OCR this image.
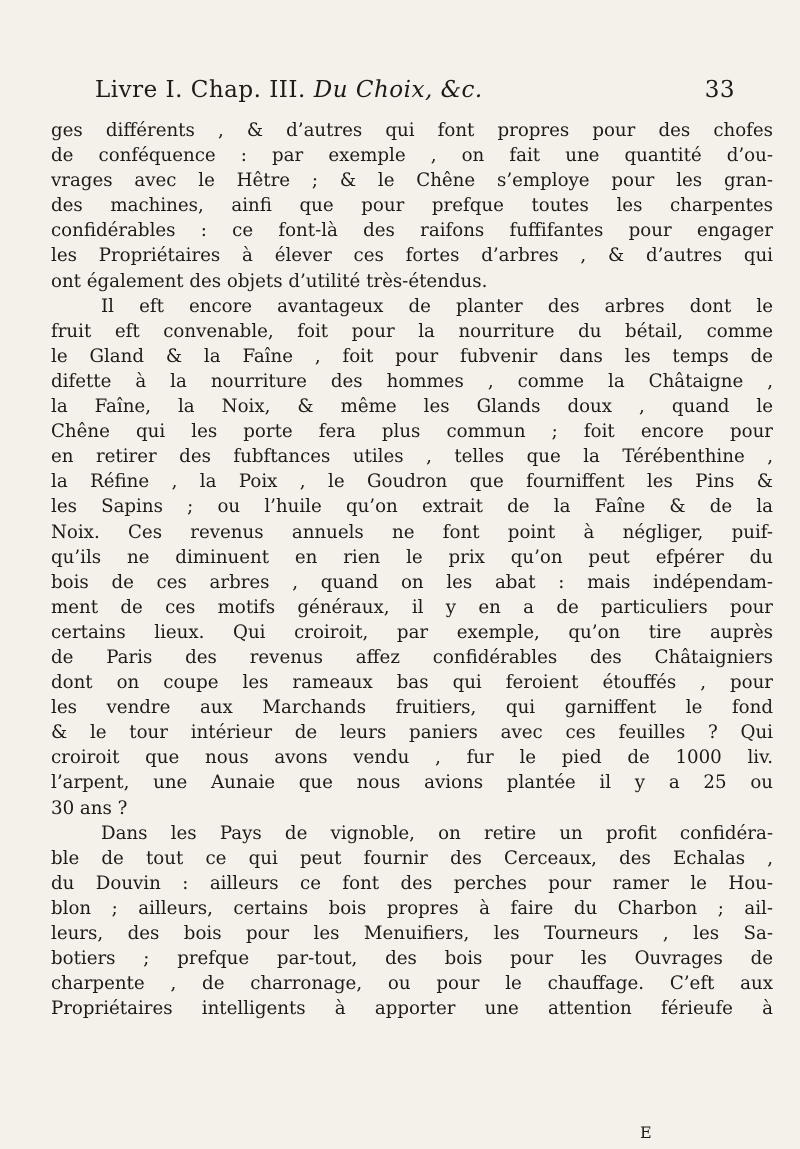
Livre I. Chap. III. Du Choix, &c.	33
ges différents , & d’autres qui font propres pour des chofes
de conféquence : par exemple , on fait une quantité d’ou-
vrages avec le Hêtre ; & le Chêne s’employe pour les gran-
des machines, ainfi que pour prefque toutes les charpentes
confidérables : ce font-là des raifons fuffifantes pour engager
les Propriétaires à élever ces fortes d’arbres , & d’autres qui
ont également des objets d’utilité très-étendus.
Il eft encore avantageux de planter des arbres dont le
fruit eft convenable, foit pour la nourriture du bétail, comme
le Gland & la Faîne , foit pour fubvenir dans les temps de
difette à la nourriture des hommes , comme la Châtaigne ,
la Faîne, la Noix, & même les Glands doux , quand le
Chêne qui les porte fera plus commun ; foit encore pour
en retirer des fubftances utiles , telles que la Térébenthine ,
la Réfine , la Poix , le Goudron que fourniffent les Pins &
les Sapins ; ou l’huile qu’on extrait de la Faîne & de la
Noix. Ces revenus annuels ne font point à négliger, puif-
qu’ils ne diminuent en rien le prix qu’on peut efpérer du
bois de ces arbres , quand on les abat : mais indépendam-
ment de ces motifs généraux, il y en a de particuliers pour
certains lieux. Qui croiroit, par exemple, qu’on tire auprès
de Paris des revenus affez confidérables des Châtaigniers
dont on coupe les rameaux bas qui feroient étouffés , pour
les vendre aux Marchands fruitiers, qui garniffent le fond
& le tour intérieur de leurs paniers avec ces feuilles ? Qui
croiroit que nous avons vendu , fur le pied de 1000 liv.
l’arpent, une Aunaie que nous avions plantée il y a 25 ou
30 ans ?
Dans les Pays de vignoble, on retire un profit confidéra-
ble de tout ce qui peut fournir des Cerceaux, des Echalas ,
du Douvin : ailleurs ce font des perches pour ramer le Hou-
blon ; ailleurs, certains bois propres à faire du Charbon ; ail-
leurs, des bois pour les Menuifiers, les Tourneurs , les Sa-
botiers ; prefque par-tout, des bois pour les Ouvrages de
charpente , de charronage, ou pour le chauffage. C’eft aux
Propriétaires intelligents à apporter une attention férieufe à
E
